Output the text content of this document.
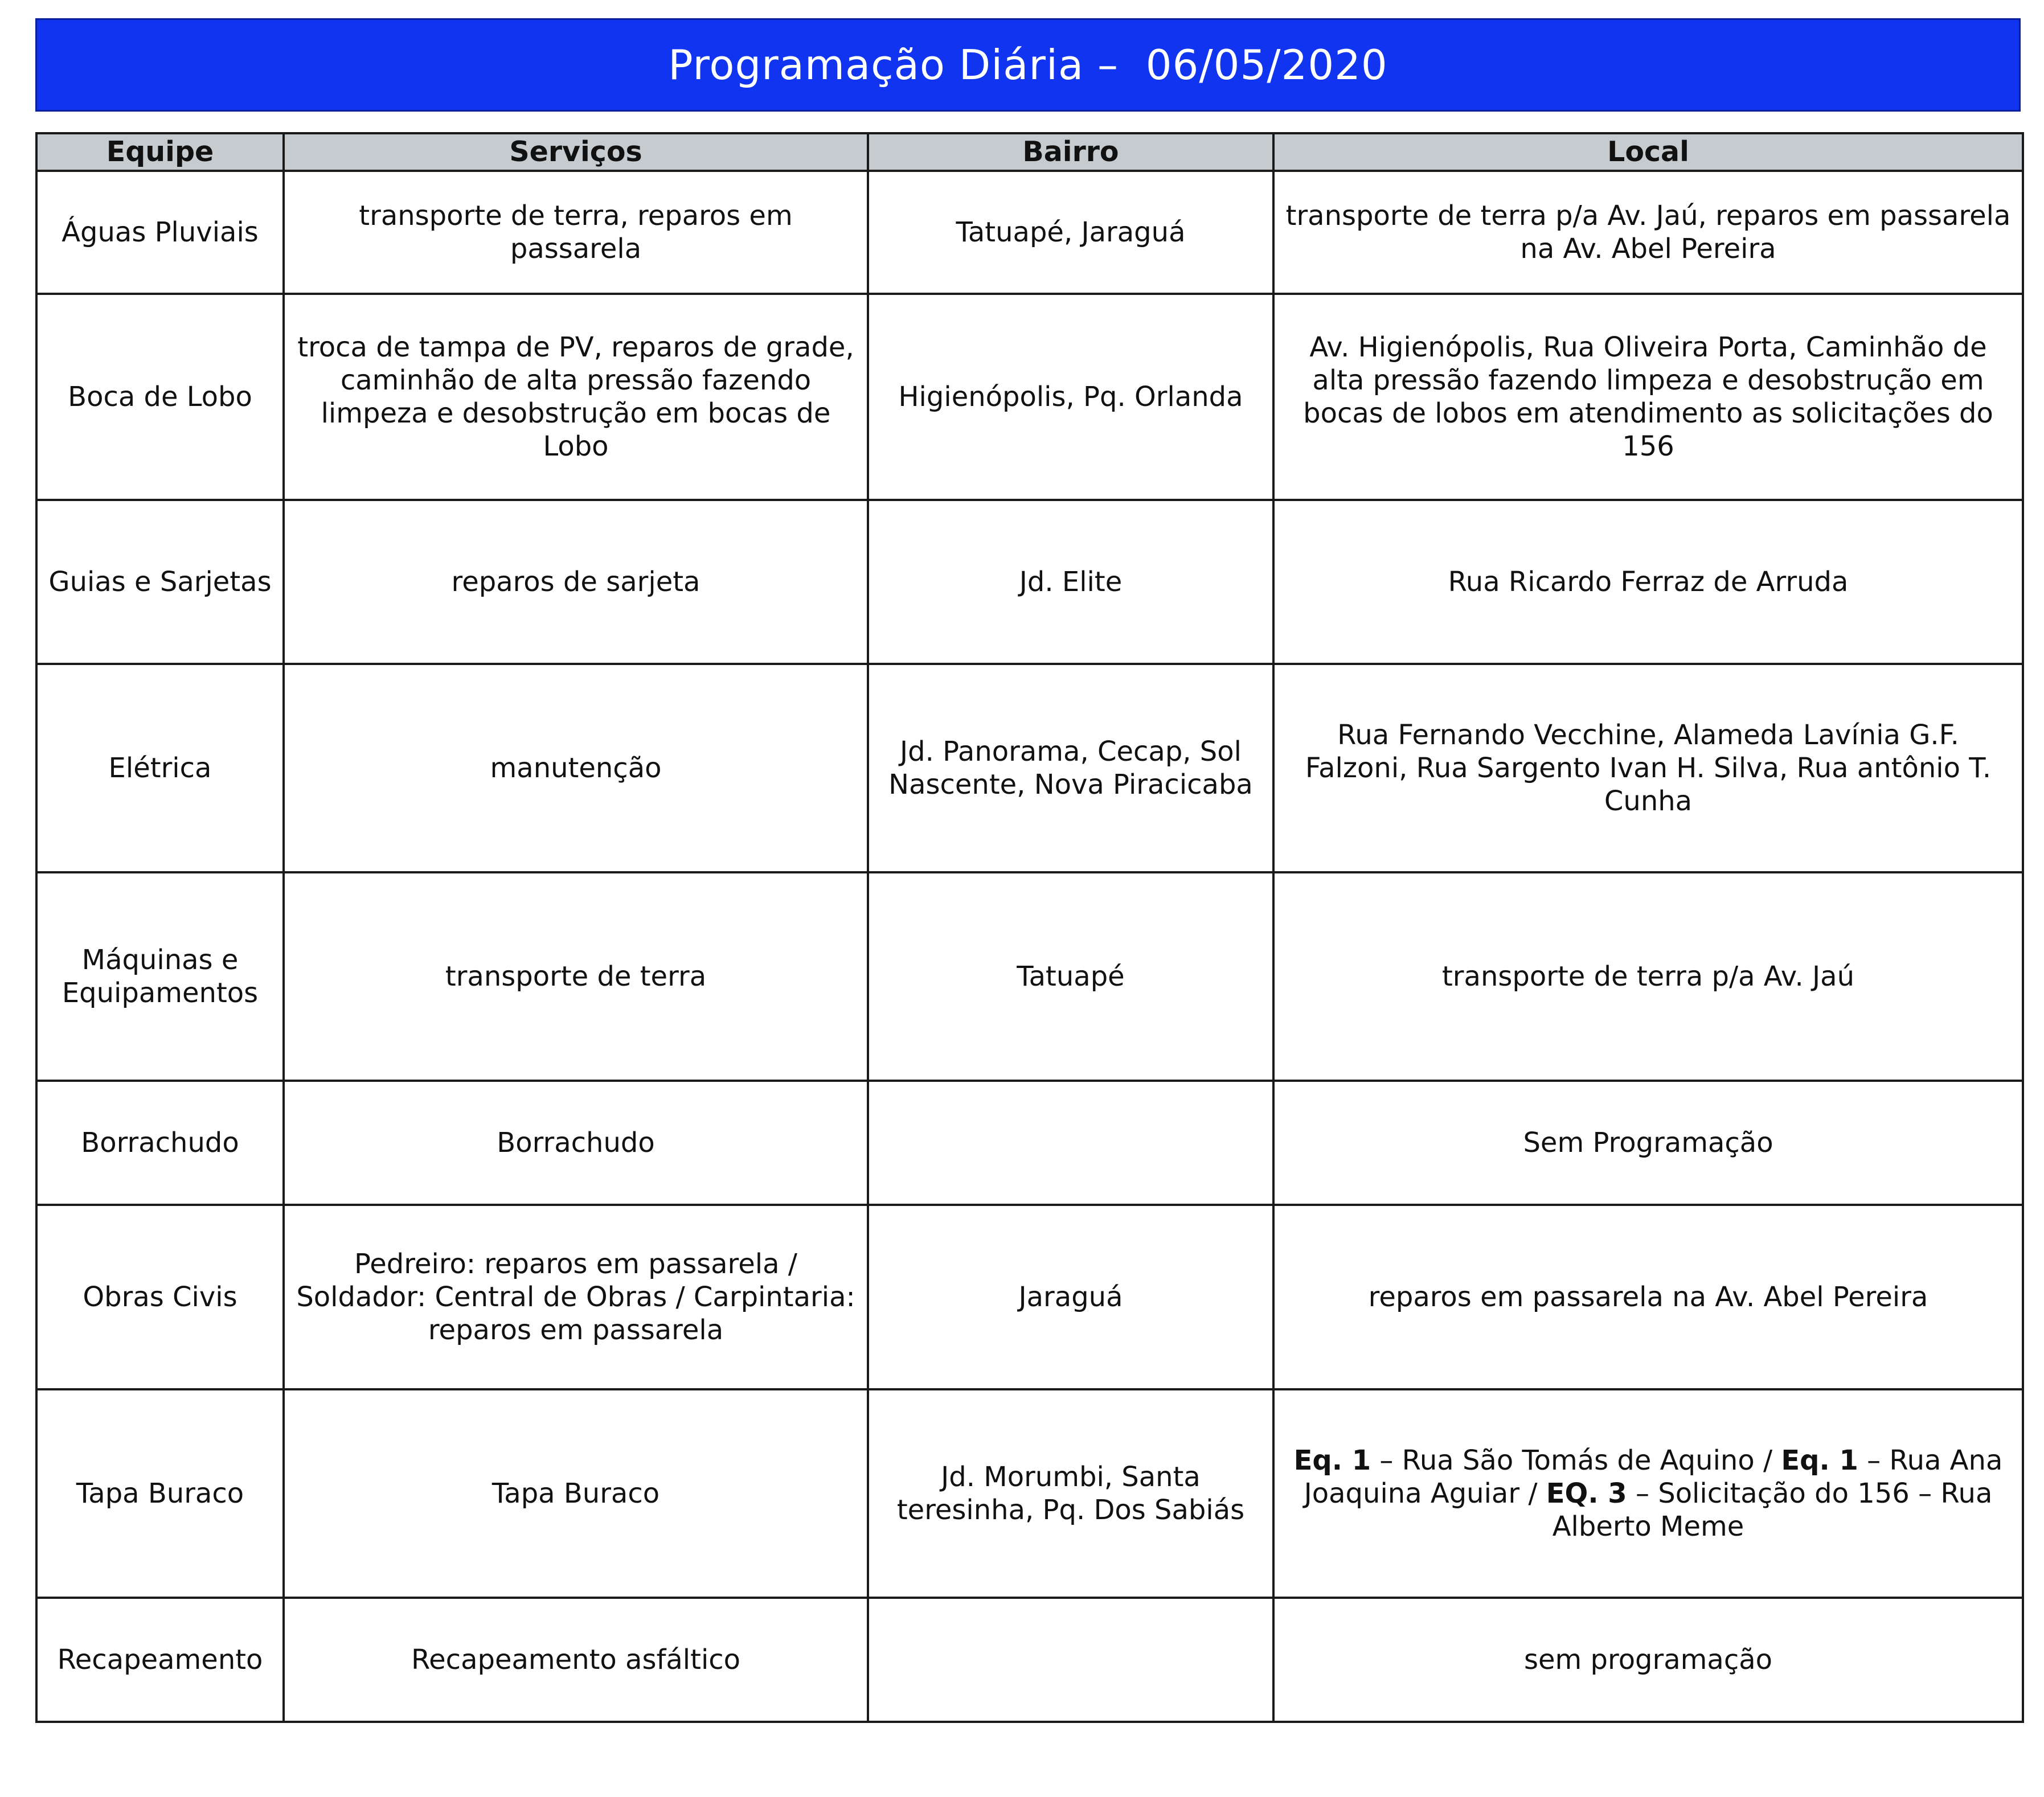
Programação Diária –  06/05/2020
Equipe	Serviços	Bairro	Local
Águas Pluviais	transporte de terra, reparos em passarela	Tatuapé, Jaraguá	transporte de terra p/a Av. Jaú, reparos em passarela na Av. Abel Pereira
Boca de Lobo	troca de tampa de PV, reparos de grade, caminhão de alta pressão fazendo limpeza e desobstrução em bocas de Lobo	Higienópolis, Pq. Orlanda	Av. Higienópolis, Rua Oliveira Porta, Caminhão de alta pressão fazendo limpeza e desobstrução em bocas de lobos em atendimento as solicitações do 156
Guias e Sarjetas	reparos de sarjeta	Jd. Elite	Rua Ricardo Ferraz de Arruda
Elétrica	manutenção	Jd. Panorama, Cecap, Sol Nascente, Nova Piracicaba	Rua Fernando Vecchine, Alameda Lavínia G.F. Falzoni, Rua Sargento Ivan H. Silva, Rua antônio T. Cunha
Máquinas e Equipamentos	transporte de terra	Tatuapé	transporte de terra p/a Av. Jaú
Borrachudo	Borrachudo		Sem Programação
Obras Civis	Pedreiro: reparos em passarela / Soldador: Central de Obras / Carpintaria: reparos em passarela	Jaraguá	reparos em passarela na Av. Abel Pereira
Tapa Buraco	Tapa Buraco	Jd. Morumbi, Santa teresinha, Pq. Dos Sabiás	Eq. 1 – Rua São Tomás de Aquino / Eq. 1 – Rua Ana Joaquina Aguiar / EQ. 3 – Solicitação do 156 – Rua Alberto Meme
Recapeamento	Recapeamento asfáltico		sem programação
